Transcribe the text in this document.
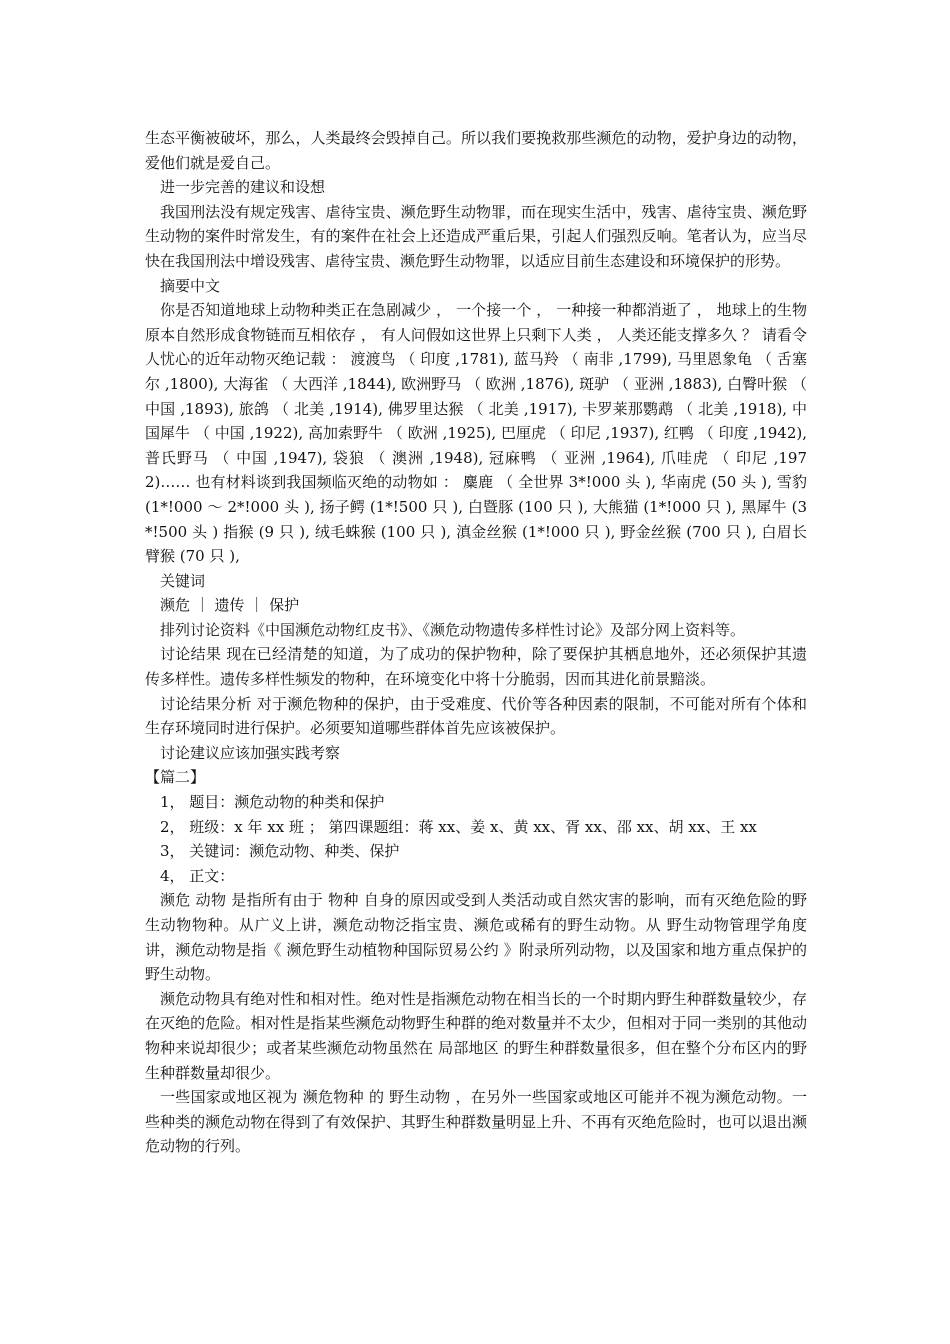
生态平衡被破坏，那么，人类最终会毁掉自己。所以我们要挽救那些濒危的动物，爱护身边的动物，爱他们就是爱自己。

进一步完善的建议和设想

我国刑法没有规定残害、虐待宝贵、濒危野生动物罪，而在现实生活中，残害、虐待宝贵、濒危野生动物的案件时常发生，有的案件在社会上还造成严重后果，引起人们强烈反响。笔者认为，应当尽快在我国刑法中增设残害、虐待宝贵、濒危野生动物罪，以适应目前生态建设和环境保护的形势。

摘要中文

你是否知道地球上动物种类正在急剧减少 ， 一个接一个 ， 一种接一种都消逝了 ， 地球上的生物原本自然形成食物链而互相依存 ， 有人问假如这世界上只剩下人类 ， 人类还能支撑多久 ？ 请看令人忧心的近年动物灭绝记载 ： 渡渡鸟 （ 印度 ,1781), 蓝马羚 （ 南非 ,1799), 马里恩象龟 （ 舌塞尔 ,1800), 大海雀 （ 大西洋 ,1844), 欧洲野马 （ 欧洲 ,1876), 斑驴 （ 亚洲 ,1883), 白臀叶猴 （ 中国 ,1893), 旅鸽 （ 北美 ,1914), 佛罗里达猴 （ 北美 ,1917), 卡罗莱那鹦鹉 （ 北美 ,1918), 中国犀牛 （ 中国 ,1922), 高加索野牛 （ 欧洲 ,1925), 巴厘虎 （ 印尼 ,1937), 红鸭 （ 印度 ,1942), 普氏野马 （ 中国 ,1947), 袋狼 （ 澳洲 ,1948), 冠麻鸭 （ 亚洲 ,1964), 爪哇虎 （ 印尼 ,1972)…… 也有材料谈到我国频临灭绝的动物如 ： 麋鹿 （ 全世界 3*!000 头 ), 华南虎 (50 头 ), 雪豹 (1*!000 ～ 2*!000 头 ), 扬子鳄 (1*!500 只 ), 白暨豚 (100 只 ), 大熊猫 (1*!000 只 ), 黑犀牛 (3*!500 头 ) 指猴 (9 只 ), 绒毛蛛猴 (100 只 ), 滇金丝猴 (1*!000 只 ), 野金丝猴 (700 只 ), 白眉长臂猴 (70 只 ),

关键词

濒危 ｜ 遗传 ｜ 保护

排列讨论资料《中国濒危动物红皮书》、《濒危动物遗传多样性讨论》及部分网上资料等。

讨论结果 现在已经清楚的知道，为了成功的保护物种，除了要保护其栖息地外，还必须保护其遗传多样性。遗传多样性频发的物种，在环境变化中将十分脆弱，因而其进化前景黯淡。

讨论结果分析 对于濒危物种的保护，由于受难度、代价等各种因素的限制，不可能对所有个体和生存环境同时进行保护。必须要知道哪些群体首先应该被保护。

讨论建议应该加强实践考察

【篇二】

1， 题目：濒危动物的种类和保护

2， 班级：x 年 xx 班 ； 第四课题组：蒋 xx、姜 x、黄 xx、胥 xx、邵 xx、胡 xx、王 xx

3， 关键词：濒危动物、种类、保护

4， 正文：

濒危 动物 是指所有由于 物种 自身的原因或受到人类活动或自然灾害的影响，而有灭绝危险的野生动物物种。从广义上讲，濒危动物泛指宝贵、濒危或稀有的野生动物。从 野生动物管理学角度讲，濒危动物是指《 濒危野生动植物种国际贸易公约 》附录所列动物，以及国家和地方重点保护的野生动物。

濒危动物具有绝对性和相对性。绝对性是指濒危动物在相当长的一个时期内野生种群数量较少，存在灭绝的危险。相对性是指某些濒危动物野生种群的绝对数量并不太少，但相对于同一类别的其他动物种来说却很少；或者某些濒危动物虽然在 局部地区 的野生种群数量很多，但在整个分布区内的野生种群数量却很少。

一些国家或地区视为 濒危物种 的 野生动物 ，在另外一些国家或地区可能并不视为濒危动物。一些种类的濒危动物在得到了有效保护、其野生种群数量明显上升、不再有灭绝危险时，也可以退出濒危动物的行列。
